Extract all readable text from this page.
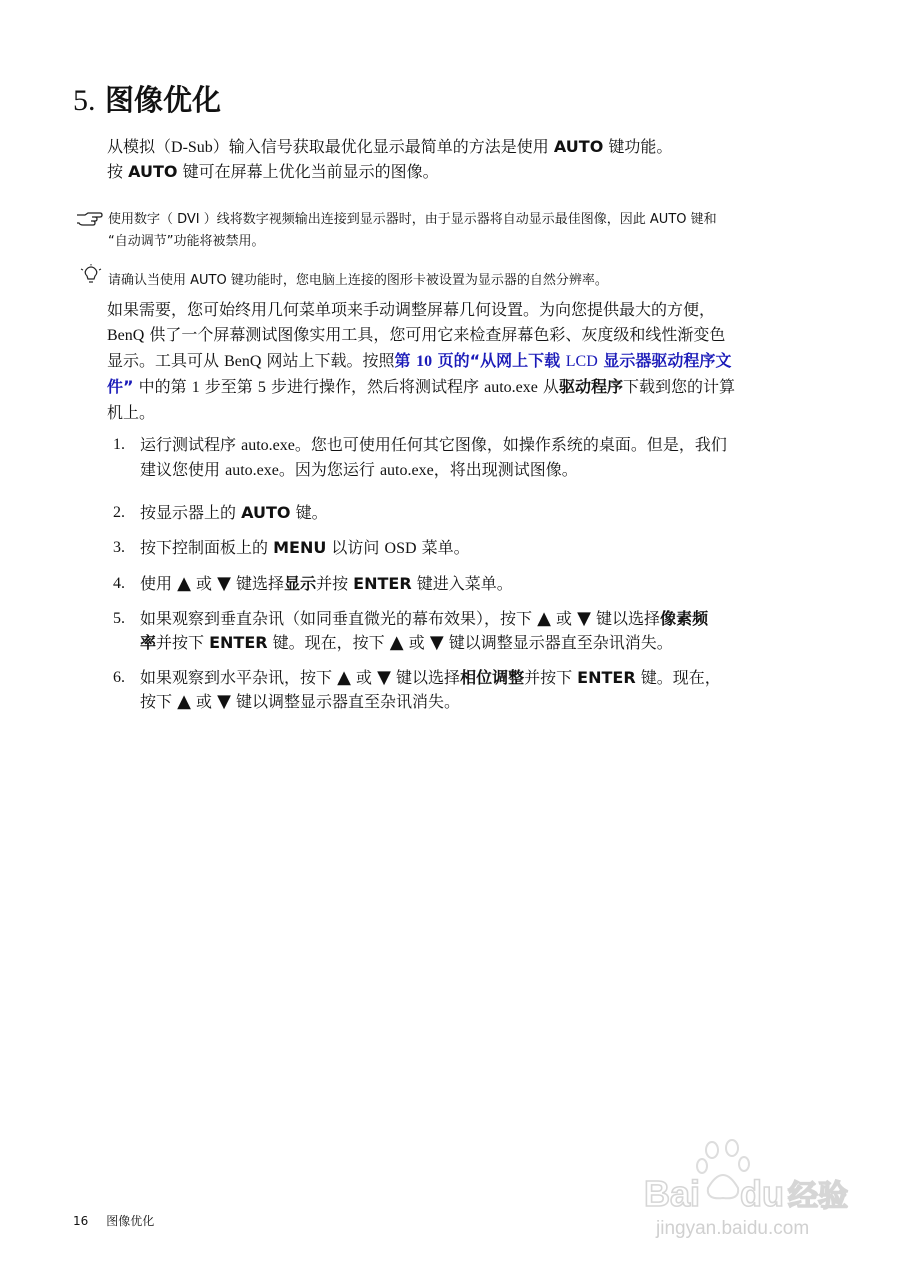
5. 图像优化
从模拟（D-Sub）输入信号获取最优化显示最简单的方法是使用 AUTO 键功能。
按 AUTO 键可在屏幕上优化当前显示的图像。
使用数字（ DVI ）线将数字视频输出连接到显示器时，由于显示器将自动显示最佳图像，因此 AUTO 键和
“自动调节”功能将被禁用。
请确认当使用 AUTO 键功能时，您电脑上连接的图形卡被设置为显示器的自然分辨率。
如果需要，您可始终用几何菜单项来手动调整屏幕几何设置。为向您提供最大的方便，
BenQ 供了一个屏幕测试图像实用工具，您可用它来检查屏幕色彩、灰度级和线性渐变色
显示。工具可从 BenQ 网站上下载。按照第 10 页的“从网上下载 LCD 显示器驱动程序文
件” 中的第 1 步至第 5 步进行操作，然后将测试程序 auto.exe 从驱动程序下载到您的计算
机上。
1. 运行测试程序 auto.exe。您也可使用任何其它图像，如操作系统的桌面。但是，我们
建议您使用 auto.exe。因为您运行 auto.exe，将出现测试图像。
2. 按显示器上的 AUTO 键。
3. 按下控制面板上的 MENU 以访问 OSD 菜单。
4. 使用 ▲ 或 ▼ 键选择显示并按 ENTER 键进入菜单。
5. 如果观察到垂直杂讯（如同垂直微光的幕布效果），按下 ▲ 或 ▼ 键以选择像素频
率并按下 ENTER 键。现在，按下 ▲ 或 ▼ 键以调整显示器直至杂讯消失。
6. 如果观察到水平杂讯，按下 ▲ 或 ▼ 键以选择相位调整并按下 ENTER 键。现在，
按下 ▲ 或 ▼ 键以调整显示器直至杂讯消失。
16 图像优化
Bai du 经验
jingyan.baidu.com
